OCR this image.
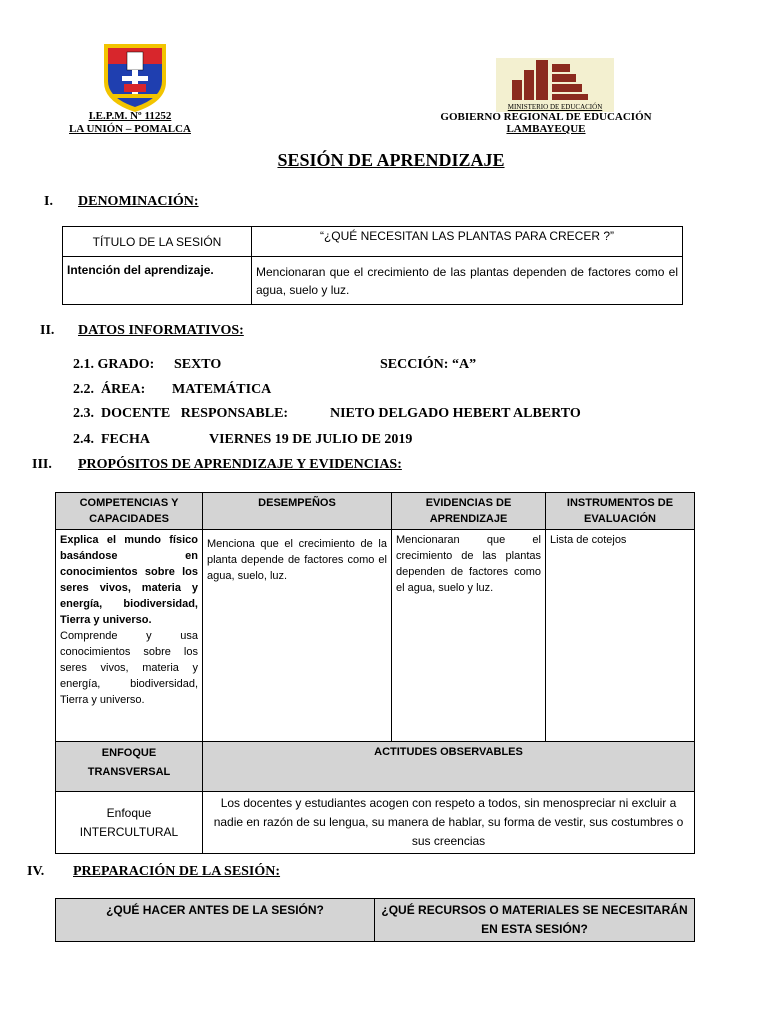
I.E.P.M. Nº 11252
LA UNIÓN – POMALCA
MINISTERIO DE EDUCACIÓN
GOBIERNO REGIONAL DE EDUCACIÓN
LAMBAYEQUE
SESIÓN DE APRENDIZAJE
I. DENOMINACIÓN:
TÍTULO DE LA SESIÓN	“¿QUÉ NECESITAN LAS PLANTAS PARA CRECER ?”
Intención del aprendizaje.	Mencionaran que el crecimiento de las plantas dependen de factores como el agua, suelo y luz.
II. DATOS INFORMATIVOS:
2.1. GRADO: SEXTO	SECCIÓN: “A”
2.2.  ÁREA: MATEMÁTICA
2.3.  DOCENTE   RESPONSABLE:	NIETO DELGADO HEBERT ALBERTO
2.4.  FECHA	VIERNES 19 DE JULIO DE 2019
III. PROPÓSITOS DE APRENDIZAJE Y EVIDENCIAS:
COMPETENCIAS Y CAPACIDADES	DESEMPEÑOS	EVIDENCIAS DE APRENDIZAJE	INSTRUMENTOS DE EVALUACIÓN

Explica el mundo físico basándose en conocimientos sobre los seres vivos, materia y energía, biodiversidad, Tierra y universo.
Comprende y usa conocimientos sobre los seres vivos, materia y energía, biodiversidad, Tierra y universo.	Menciona que el crecimiento de la planta depende de factores como el agua, suelo, luz.	Mencionaran que el crecimiento de las plantas dependen de factores como el agua, suelo y luz.	Lista de cotejos
ENFOQUE TRANSVERSAL	ACTITUDES OBSERVABLES		
Enfoque INTERCULTURAL	Los docentes y estudiantes acogen con respeto a todos, sin menospreciar ni excluir a nadie en razón de su lengua, su manera de hablar, su forma de vestir, sus costumbres o sus creencias		
IV. PREPARACIÓN DE LA SESIÓN:
¿QUÉ HACER ANTES DE LA SESIÓN?	¿QUÉ RECURSOS O MATERIALES SE NECESITARÁN EN ESTA SESIÓN?
